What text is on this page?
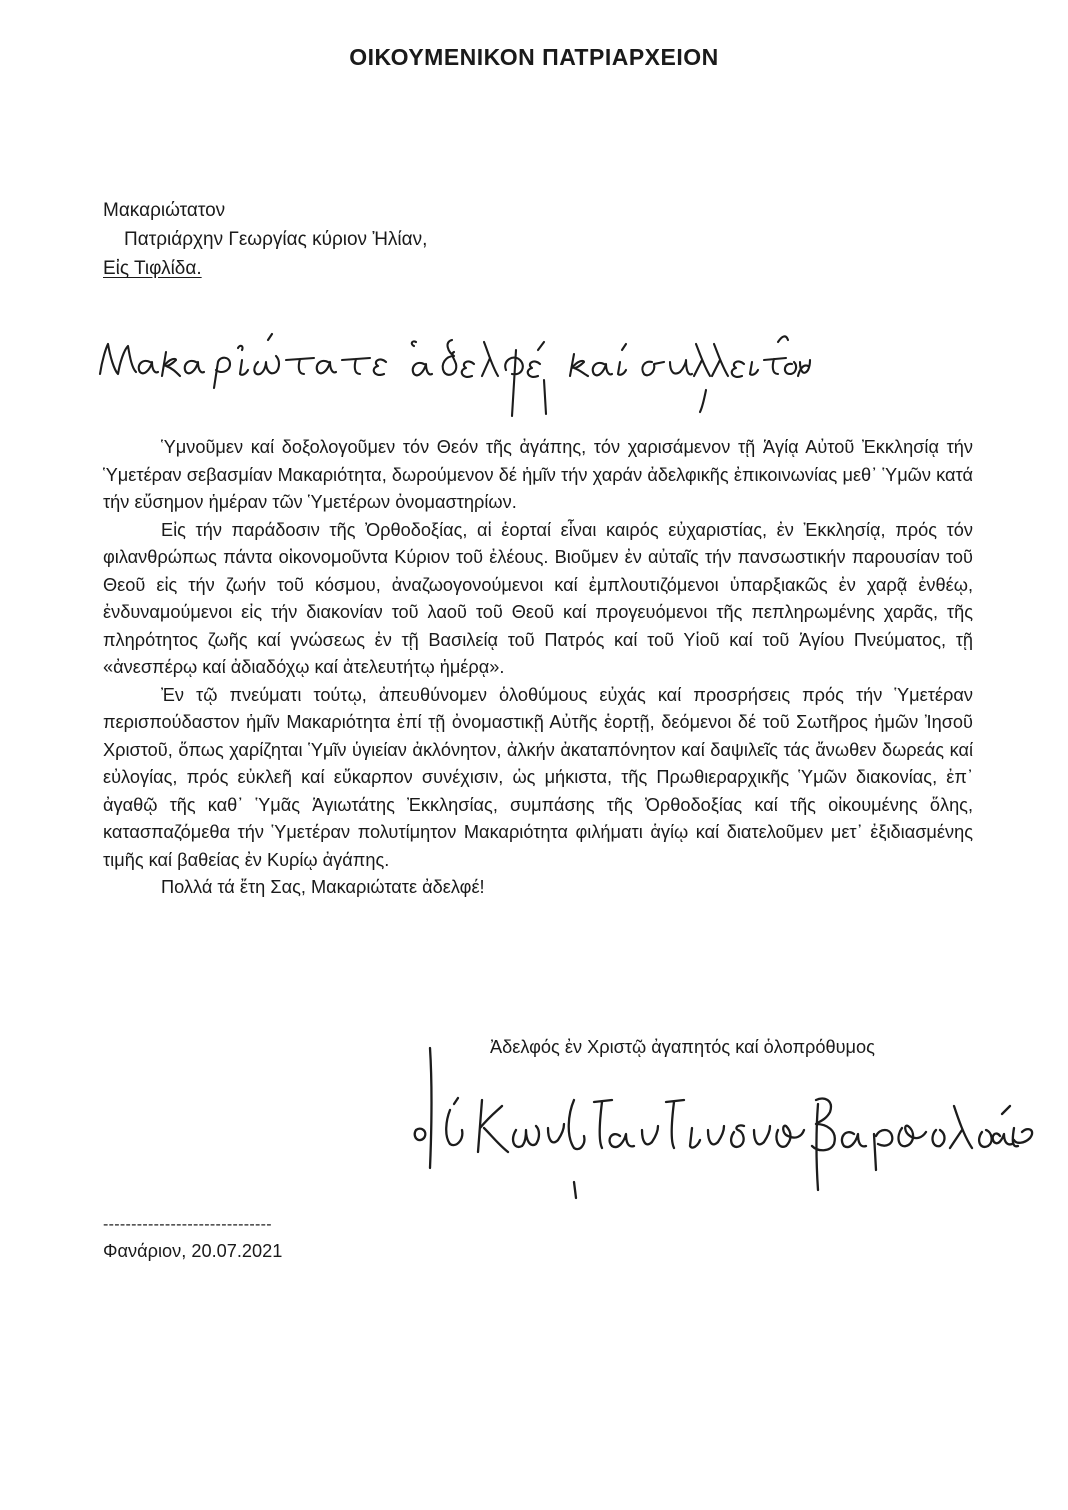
ΟΙΚΟΥΜΕΝΙΚΟΝ ΠΑΤΡΙΑΡΧΕΙΟΝ
Μακαριώτατον
Πατριάρχην Γεωργίας κύριον Ἠλίαν,
Εἰς Τιφλίδα.

Ὑμνοῦμεν καί δοξολογοῦμεν τόν Θεόν τῆς ἀγάπης, τόν χαρισάμενον τῇ Ἁγίᾳ Αὐτοῦ Ἐκκλησίᾳ τήν Ὑμετέραν σεβασμίαν Μακαριότητα, δωρούμενον δέ ἡμῖν τήν χαράν ἀδελφικῆς ἐπικοινωνίας μεθ᾽ Ὑμῶν κατά τήν εὔσημον ἡμέραν τῶν Ὑμετέρων ὀνομαστηρίων.

Εἰς τήν παράδοσιν τῆς Ὀρθοδοξίας, αἱ ἑορταί εἶναι καιρός εὐχαριστίας, ἐν Ἐκκλησίᾳ, πρός τόν φιλανθρώπως πάντα οἰκονομοῦντα Κύριον τοῦ ἐλέους. Βιοῦμεν ἐν αὐταῖς τήν πανσωστικήν παρουσίαν τοῦ Θεοῦ εἰς τήν ζωήν τοῦ κόσμου, ἀναζωογονούμενοι καί ἐμπλουτιζόμενοι ὑπαρξιακῶς ἐν χαρᾷ ἐνθέῳ, ἐνδυναμούμενοι εἰς τήν διακονίαν τοῦ λαοῦ τοῦ Θεοῦ καί προγευόμενοι τῆς πεπληρωμένης χαρᾶς, τῆς πληρότητος ζωῆς καί γνώσεως ἐν τῇ Βασιλείᾳ τοῦ Πατρός καί τοῦ Υἱοῦ καί τοῦ Ἁγίου Πνεύματος, τῇ «ἀνεσπέρῳ καί ἀδιαδόχῳ καί ἀτελευτήτῳ ἡμέρᾳ».

Ἐν τῷ πνεύματι τούτῳ, ἀπευθύνομεν ὁλοθύμους εὐχάς καί προσρήσεις πρός τήν Ὑμετέραν περισπούδαστον ἡμῖν Μακαριότητα ἐπί τῇ ὀνομαστικῇ Αὐτῆς ἑορτῇ, δεόμενοι δέ τοῦ Σωτῆρος ἡμῶν Ἰησοῦ Χριστοῦ, ὅπως χαρίζηται Ὑμῖν ὑγιείαν ἀκλόνητον, ἀλκήν ἀκαταπόνητον καί δαψιλεῖς τάς ἄνωθεν δωρεάς καί εὐλογίας, πρός εὐκλεῆ καί εὔκαρπον συνέχισιν, ὡς μήκιστα, τῆς Πρωθιεραρχικῆς Ὑμῶν διακονίας, ἐπ᾽ ἀγαθῷ τῆς καθ᾽ Ὑμᾶς Ἁγιωτάτης Ἐκκλησίας, συμπάσης τῆς Ὀρθοδοξίας καί τῆς οἰκουμένης ὅλης, κατασπαζόμεθα τήν Ὑμετέραν πολυτίμητον Μακαριότητα φιλήματι ἁγίῳ καί διατελοῦμεν μετ᾽ ἐξιδιασμένης τιμῆς καί βαθείας ἐν Κυρίῳ ἀγάπης.

Πολλά τά ἔτη Σας, Μακαριώτατε ἀδελφέ!

Ἀδελφός ἐν Χριστῷ ἀγαπητός καί ὁλοπρόθυμος
------------------------------
Φανάριον, 20.07.2021
